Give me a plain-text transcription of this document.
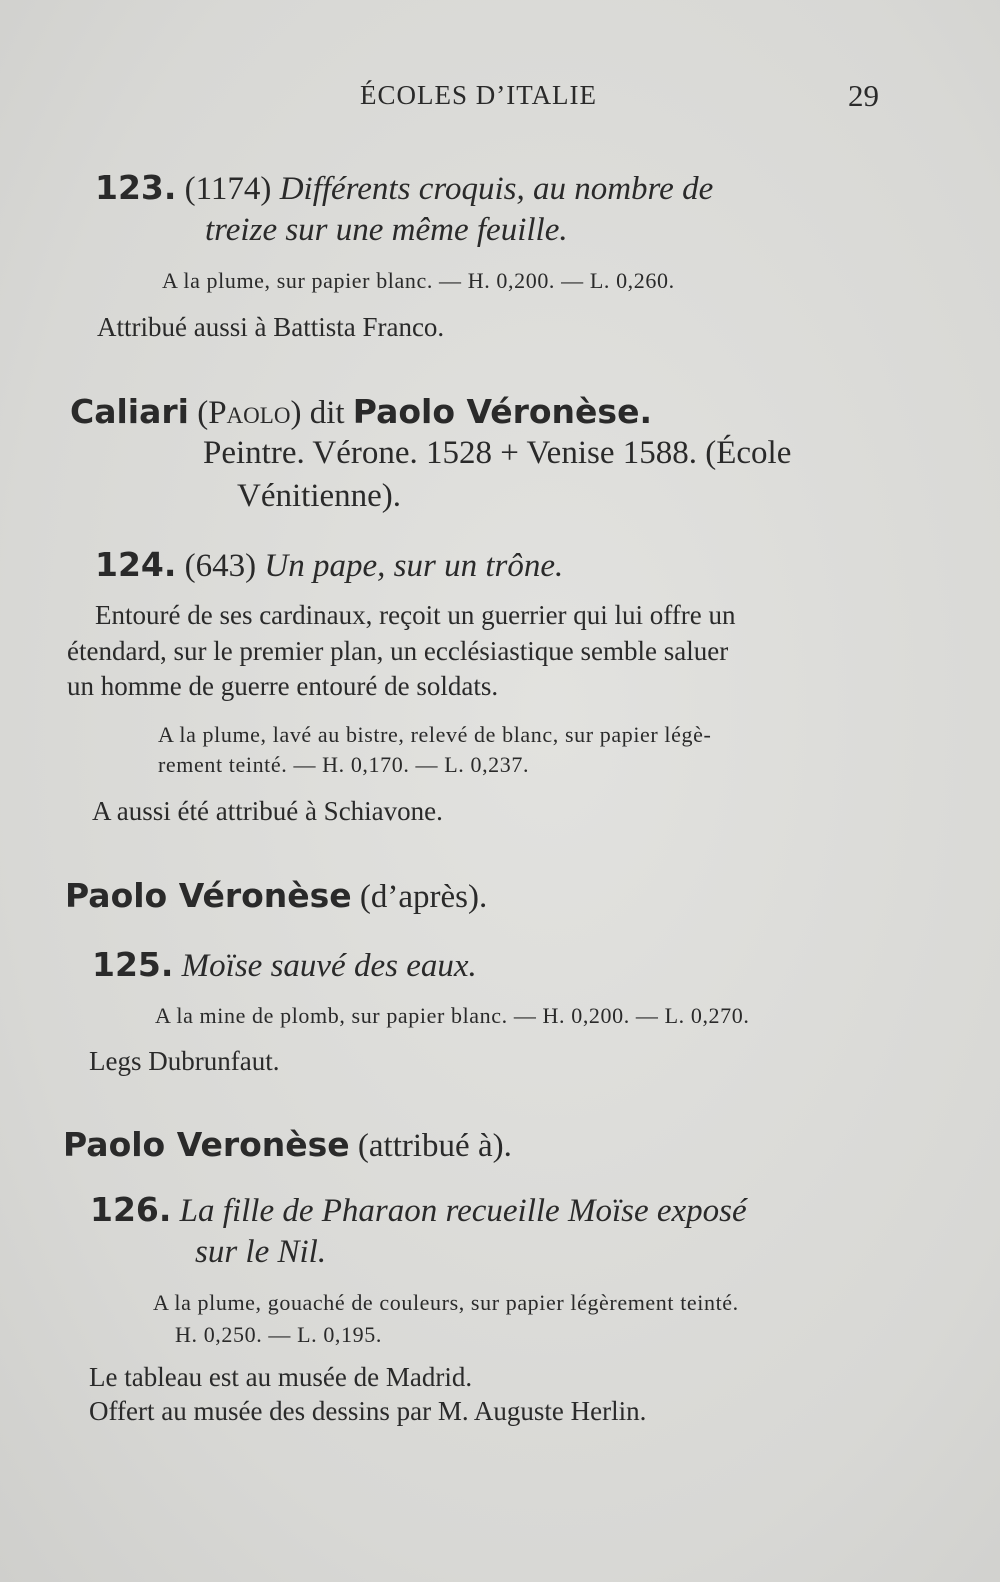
ÉCOLES D’ITALIE	29
123. (1174) Différents croquis, au nombre de
treize sur une même feuille.
A la plume, sur papier blanc. — H. 0,200. — L. 0,260.
Attribué aussi à Battista Franco.
Caliari (Paolo) dit Paolo Véronèse.
Peintre. Vérone. 1528 + Venise 1588. (École
Vénitienne).
124. (643) Un pape, sur un trône.
Entouré de ses cardinaux, reçoit un guerrier qui lui offre un
étendard, sur le premier plan, un ecclésiastique semble saluer
un homme de guerre entouré de soldats.
A la plume, lavé au bistre, relevé de blanc, sur papier légè-
rement teinté. — H. 0,170. — L. 0,237.
A aussi été attribué à Schiavone.
Paolo Véronèse (d’après).
125. Moïse sauvé des eaux.
A la mine de plomb, sur papier blanc. — H. 0,200. — L. 0,270.
Legs Dubrunfaut.
Paolo Veronèse (attribué à).
126. La fille de Pharaon recueille Moïse exposé
sur le Nil.
A la plume, gouaché de couleurs, sur papier légèrement teinté.
H. 0,250. — L. 0,195.
Le tableau est au musée de Madrid.
Offert au musée des dessins par M. Auguste Herlin.
